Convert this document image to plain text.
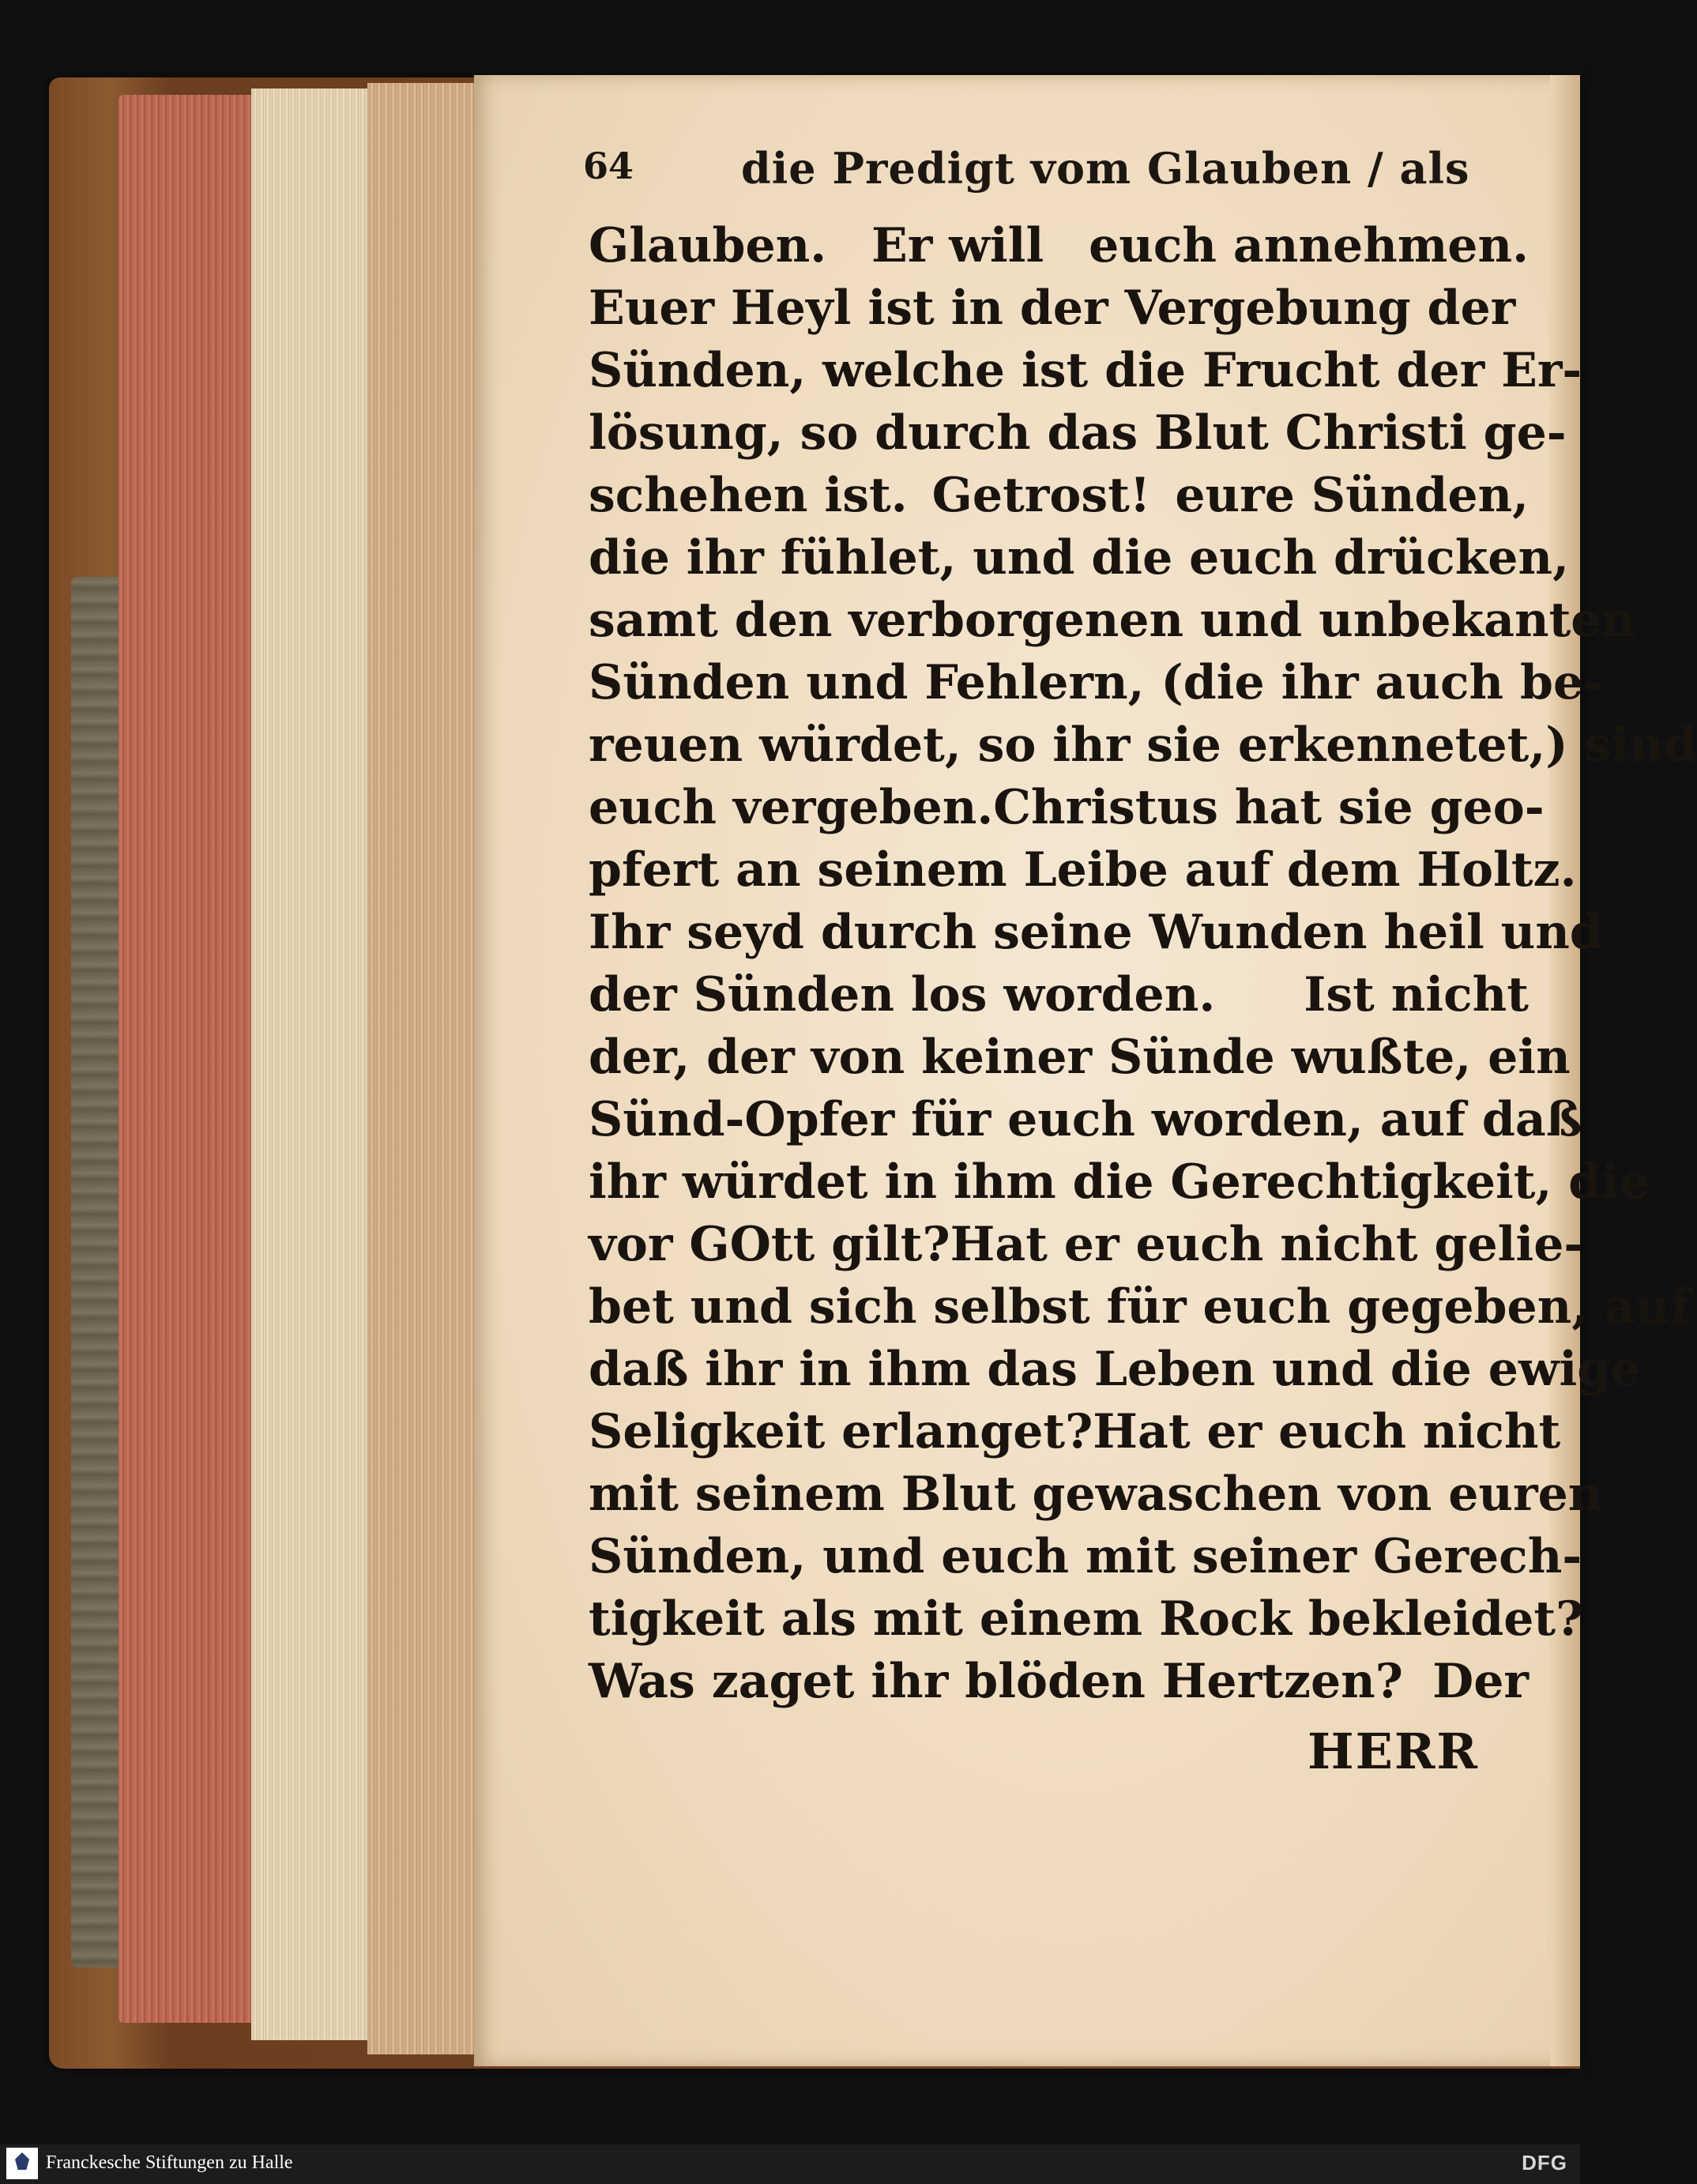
64	die Predigt vom Glauben / als
Glauben. Er will euch annehmen.
Euer Heyl ist in der Vergebung der
Sünden, welche ist die Frucht der Er-
lösung, so durch das Blut Christi ge-
schehen ist. Getrost! eure Sünden,
die ihr fühlet, und die euch drücken,
samt den verborgenen und unbekanten
Sünden und Fehlern, (die ihr auch be-
reuen würdet, so ihr sie erkennetet,) sind
euch vergeben. Christus hat sie geo-
pfert an seinem Leibe auf dem Holtz.
Ihr seyd durch seine Wunden heil und
der Sünden los worden. Ist nicht
der, der von keiner Sünde wußte, ein
Sünd-Opfer für euch worden, auf daß
ihr würdet in ihm die Gerechtigkeit, die
vor GOtt gilt? Hat er euch nicht gelie-
bet und sich selbst für euch gegeben, auf
daß ihr in ihm das Leben und die ewige
Seligkeit erlanget? Hat er euch nicht
mit seinem Blut gewaschen von euren
Sünden, und euch mit seiner Gerech-
tigkeit als mit einem Rock bekleidet?
Was zaget ihr blöden Hertzen? Der
HERR
Franckesche Stiftungen zu Halle	DFG
